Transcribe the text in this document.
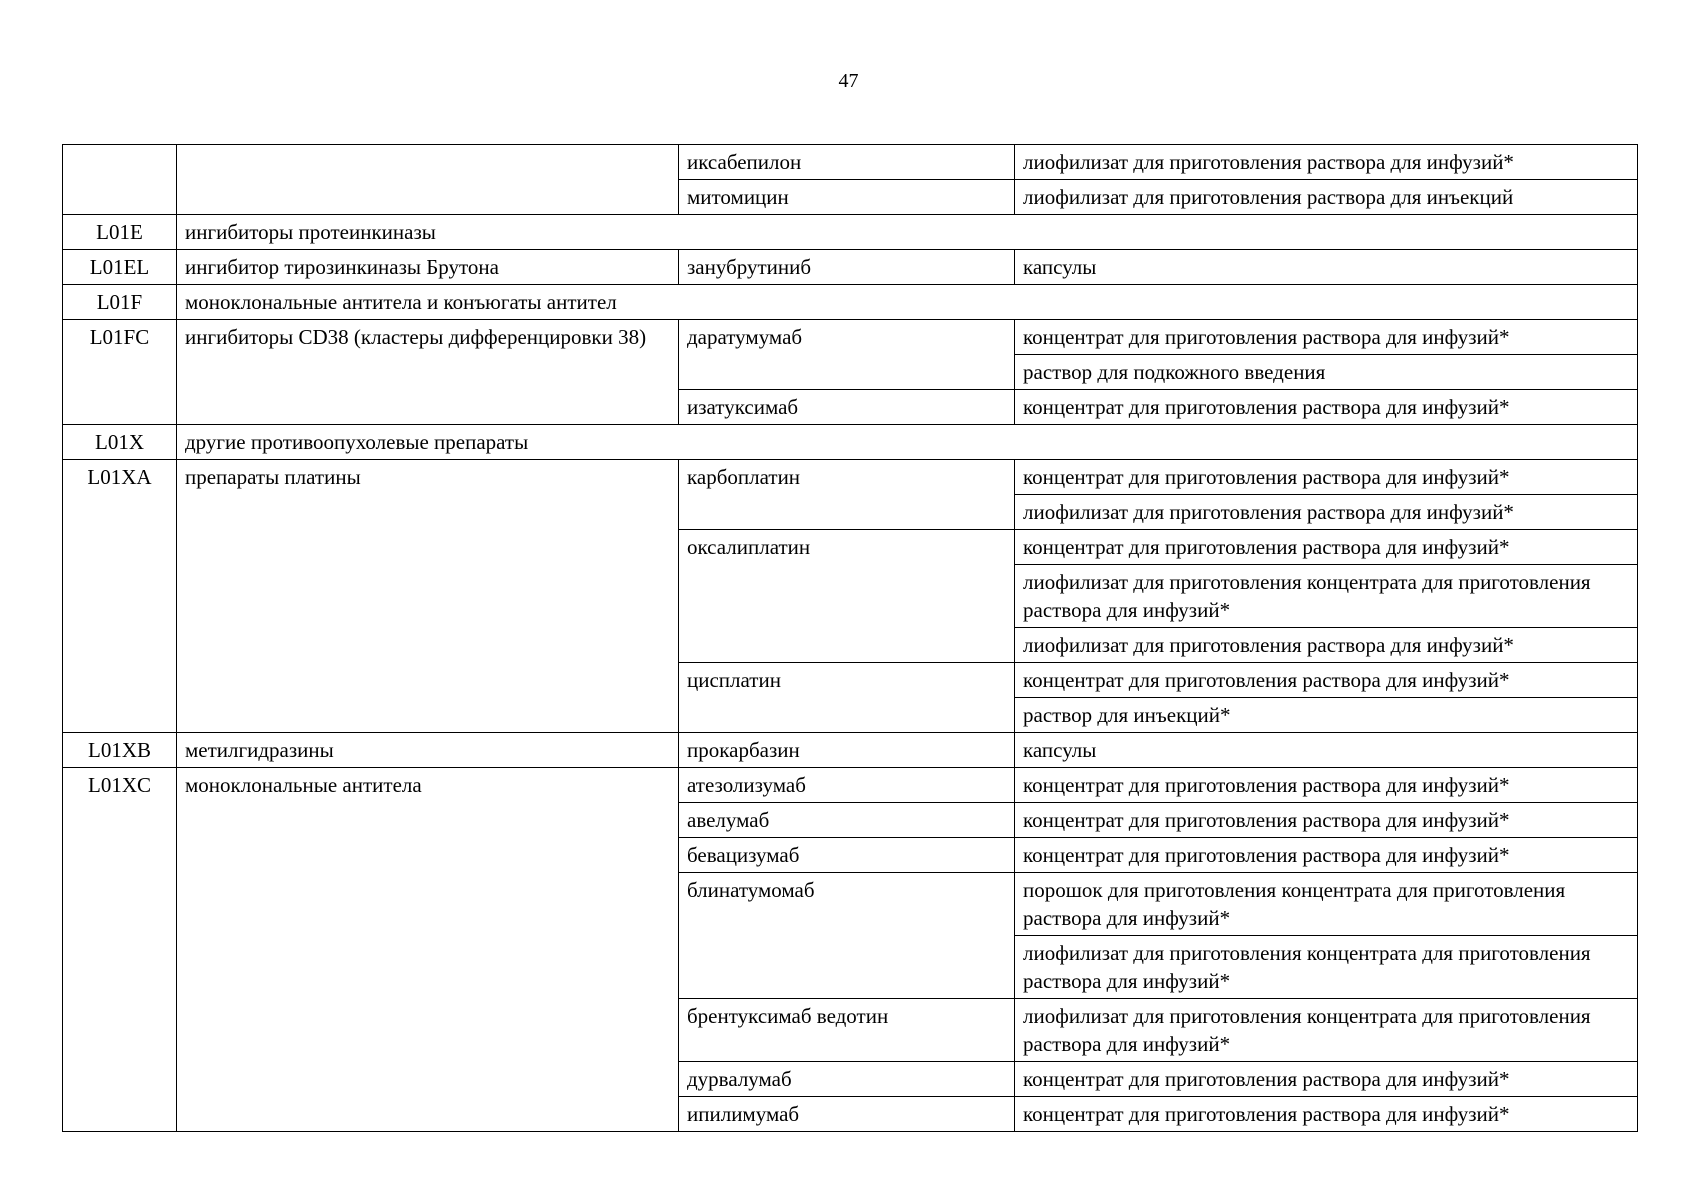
47
		иксабепилон	лиофилизат для приготовления раствора для инфузий*
		митомицин	лиофилизат для приготовления раствора для инъекций
L01E	ингибиторы протеинкиназы		
L01EL	ингибитор тирозинкиназы Брутона	занубрутиниб	капсулы
L01F	моноклональные антитела и конъюгаты антител		
L01FC	ингибиторы CD38 (кластеры дифференцировки 38)	даратумумаб	концентрат для приготовления раствора для инфузий*
			раствор для подкожного введения
		изатуксимаб	концентрат для приготовления раствора для инфузий*
L01X	другие противоопухолевые препараты		
L01XA	препараты платины	карбоплатин	концентрат для приготовления раствора для инфузий*
			лиофилизат для приготовления раствора для инфузий*
		оксалиплатин	концентрат для приготовления раствора для инфузий*
			лиофилизат для приготовления концентрата для приготовления раствора для инфузий*
			лиофилизат для приготовления раствора для инфузий*
		цисплатин	концентрат для приготовления раствора для инфузий*
			раствор для инъекций*
L01XB	метилгидразины	прокарбазин	капсулы
L01XC	моноклональные антитела	атезолизумаб	концентрат для приготовления раствора для инфузий*
		авелумаб	концентрат для приготовления раствора для инфузий*
		бевацизумаб	концентрат для приготовления раствора для инфузий*
		блинатумомаб	порошок для приготовления концентрата для приготовления раствора для инфузий*
			лиофилизат для приготовления концентрата для приготовления раствора для инфузий*
		брентуксимаб ведотин	лиофилизат для приготовления концентрата для приготовления раствора для инфузий*
		дурвалумаб	концентрат для приготовления раствора для инфузий*
		ипилимумаб	концентрат для приготовления раствора для инфузий*
